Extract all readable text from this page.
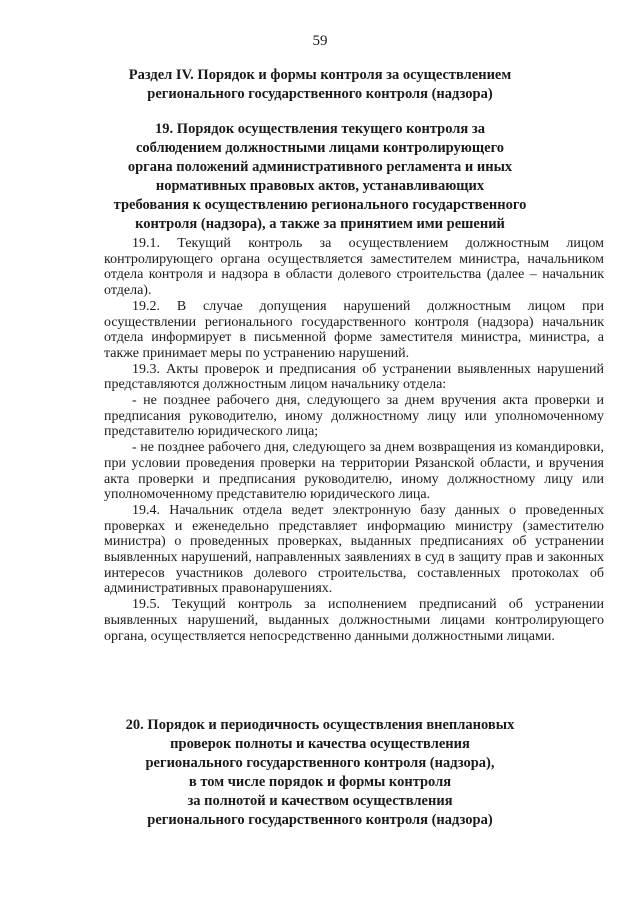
59
Раздел IV. Порядок и формы контроля за осуществлением
регионального государственного контроля (надзора)
19. Порядок осуществления текущего контроля за
соблюдением должностными лицами контролирующего
органа положений административного регламента и иных
нормативных правовых актов, устанавливающих
требования к осуществлению регионального государственного
контроля (надзора), а также за принятием ими решений

19.1. Текущий контроль за осуществлением должностным лицом контролирующего органа осуществляется заместителем министра, начальником отдела контроля и надзора в области долевого строительства (далее – начальник отдела).

19.2. В случае допущения нарушений должностным лицом при осуществлении регионального государственного контроля (надзора) начальник отдела информирует в письменной форме заместителя министра, министра, а также принимает меры по устранению нарушений.

19.3. Акты проверок и предписания об устранении выявленных нарушений представляются должностным лицом начальнику отдела:

- не позднее рабочего дня, следующего за днем вручения акта проверки и предписания руководителю, иному должностному лицу или уполномоченному представителю юридического лица;

- не позднее рабочего дня, следующего за днем возвращения из командировки, при условии проведения проверки на территории Рязанской области, и вручения акта проверки и предписания руководителю, иному должностному лицу или уполномоченному представителю юридического лица.

19.4. Начальник отдела ведет электронную базу данных о проведенных проверках и еженедельно представляет информацию министру (заместителю министра) о проведенных проверках, выданных предписаниях об устранении выявленных нарушений, направленных заявлениях в суд в защиту прав и законных интересов участников долевого строительства, составленных протоколах об административных правонарушениях.

19.5. Текущий контроль за исполнением предписаний об устранении выявленных нарушений, выданных должностными лицами контролирующего органа, осуществляется непосредственно данными должностными лицами.

20. Порядок и периодичность осуществления внеплановых
проверок полноты и качества осуществления
регионального государственного контроля (надзора),
в том числе порядок и формы контроля
за полнотой и качеством осуществления
регионального государственного контроля (надзора)
